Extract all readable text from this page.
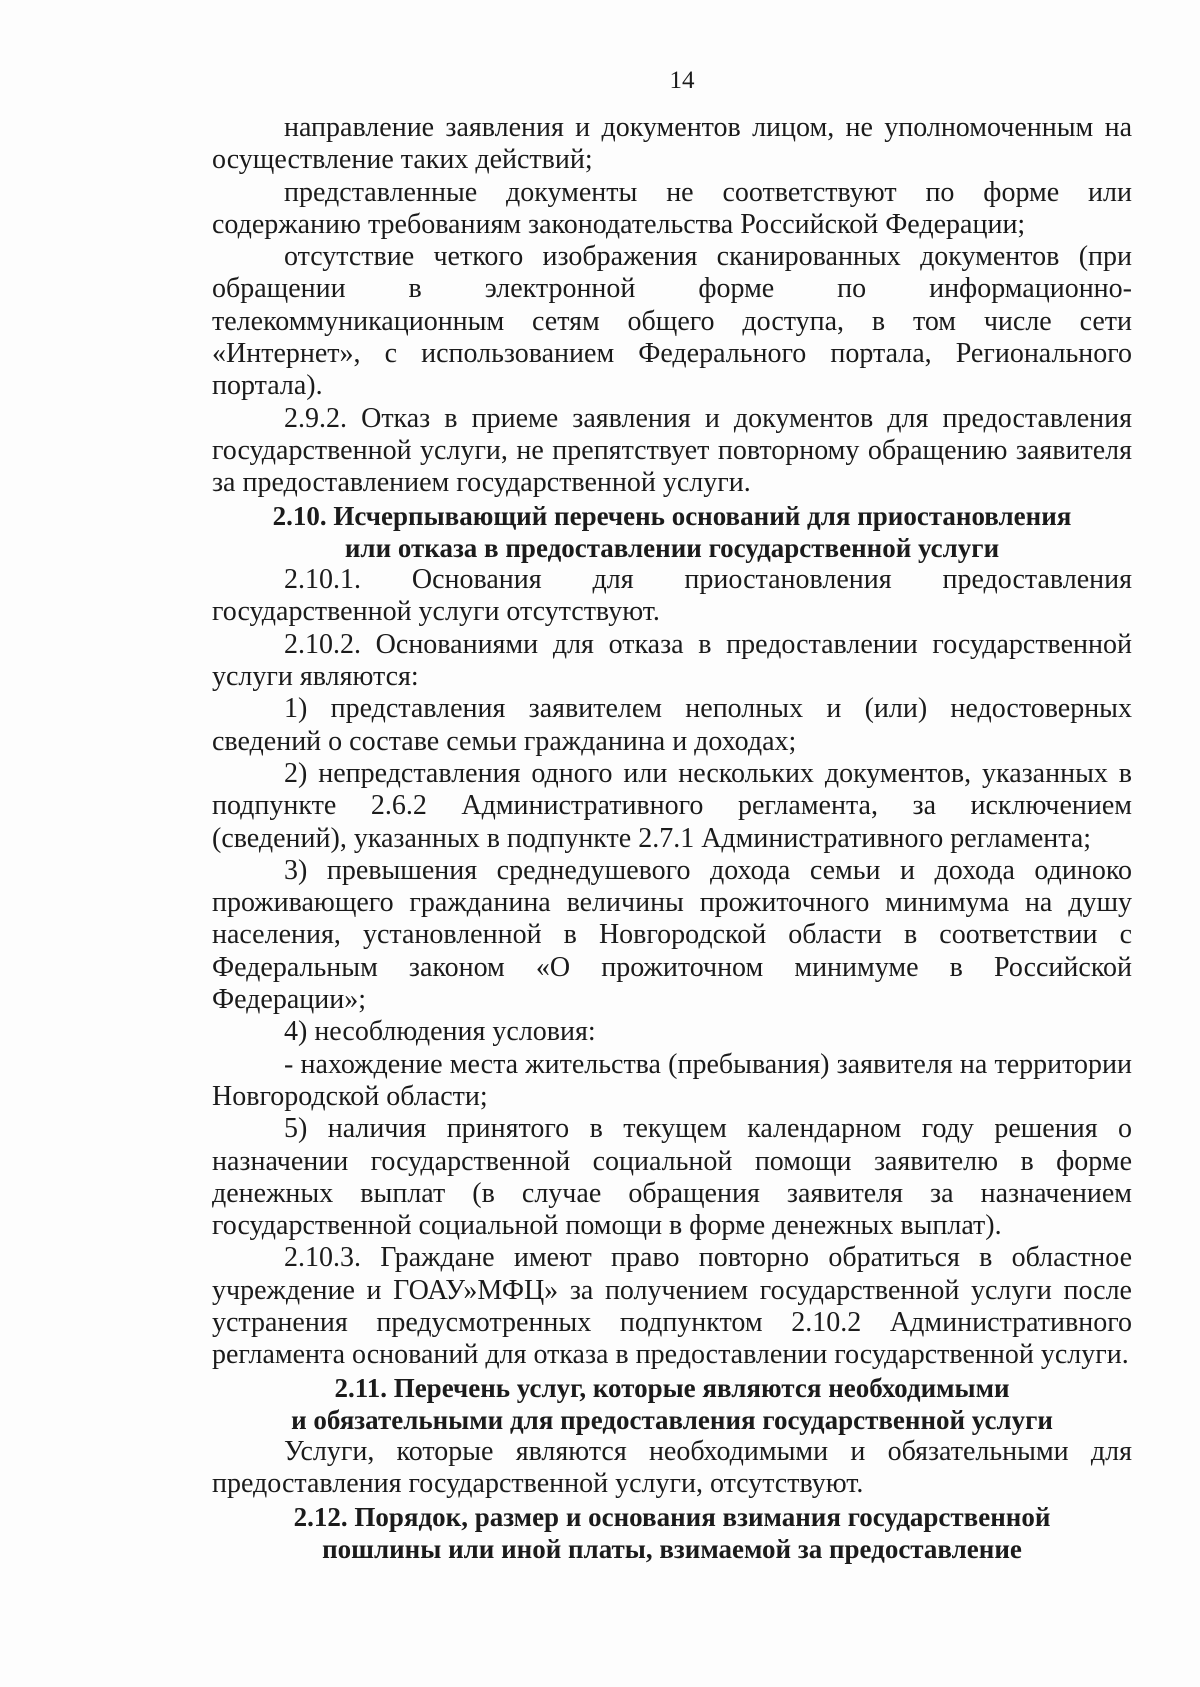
14

направление заявления и документов лицом, не уполномоченным на осуществление таких действий;

представленные документы не соответствуют по форме или содержанию требованиям законодательства Российской Федерации;

отсутствие четкого изображения сканированных документов (при обращении в электронной форме по информационно-телекоммуникационным сетям общего доступа, в том числе сети «Интернет», с использованием Федерального портала, Регионального портала).

2.9.2. Отказ в приеме заявления и документов для предоставления государственной услуги, не препятствует повторному обращению заявителя за предоставлением государственной услуги.

2.10. Исчерпывающий перечень оснований для приостановления
или отказа в предоставлении государственной услуги

2.10.1. Основания для приостановления предоставления государственной услуги отсутствуют.

2.10.2. Основаниями для отказа в предоставлении государственной услуги являются:

1) представления заявителем неполных и (или) недостоверных сведений о составе семьи гражданина и доходах;

2) непредставления одного или нескольких документов, указанных в подпункте 2.6.2 Административного регламента, за исключением (сведений), указанных в подпункте 2.7.1 Административного регламента;

3) превышения среднедушевого дохода семьи и дохода одиноко проживающего гражданина величины прожиточного минимума на душу населения, установленной в Новгородской области в соответствии с Федеральным законом «О прожиточном минимуме в Российской Федерации»;

4) несоблюдения условия:

- нахождение места жительства (пребывания) заявителя на территории Новгородской области;

5) наличия принятого в текущем календарном году решения о назначении государственной социальной помощи заявителю в форме денежных выплат (в случае обращения заявителя за назначением государственной социальной помощи в форме денежных выплат).

2.10.3. Граждане имеют право повторно обратиться в областное учреждение и ГОАУ»МФЦ» за получением государственной услуги после устранения предусмотренных подпунктом 2.10.2 Административного регламента оснований для отказа в предоставлении государственной услуги.

2.11. Перечень услуг, которые являются необходимыми
и обязательными для предоставления государственной услуги

Услуги, которые являются необходимыми и обязательными для предоставления государственной услуги, отсутствуют.

2.12. Порядок, размер и основания взимания государственной
пошлины или иной платы, взимаемой за предоставление
